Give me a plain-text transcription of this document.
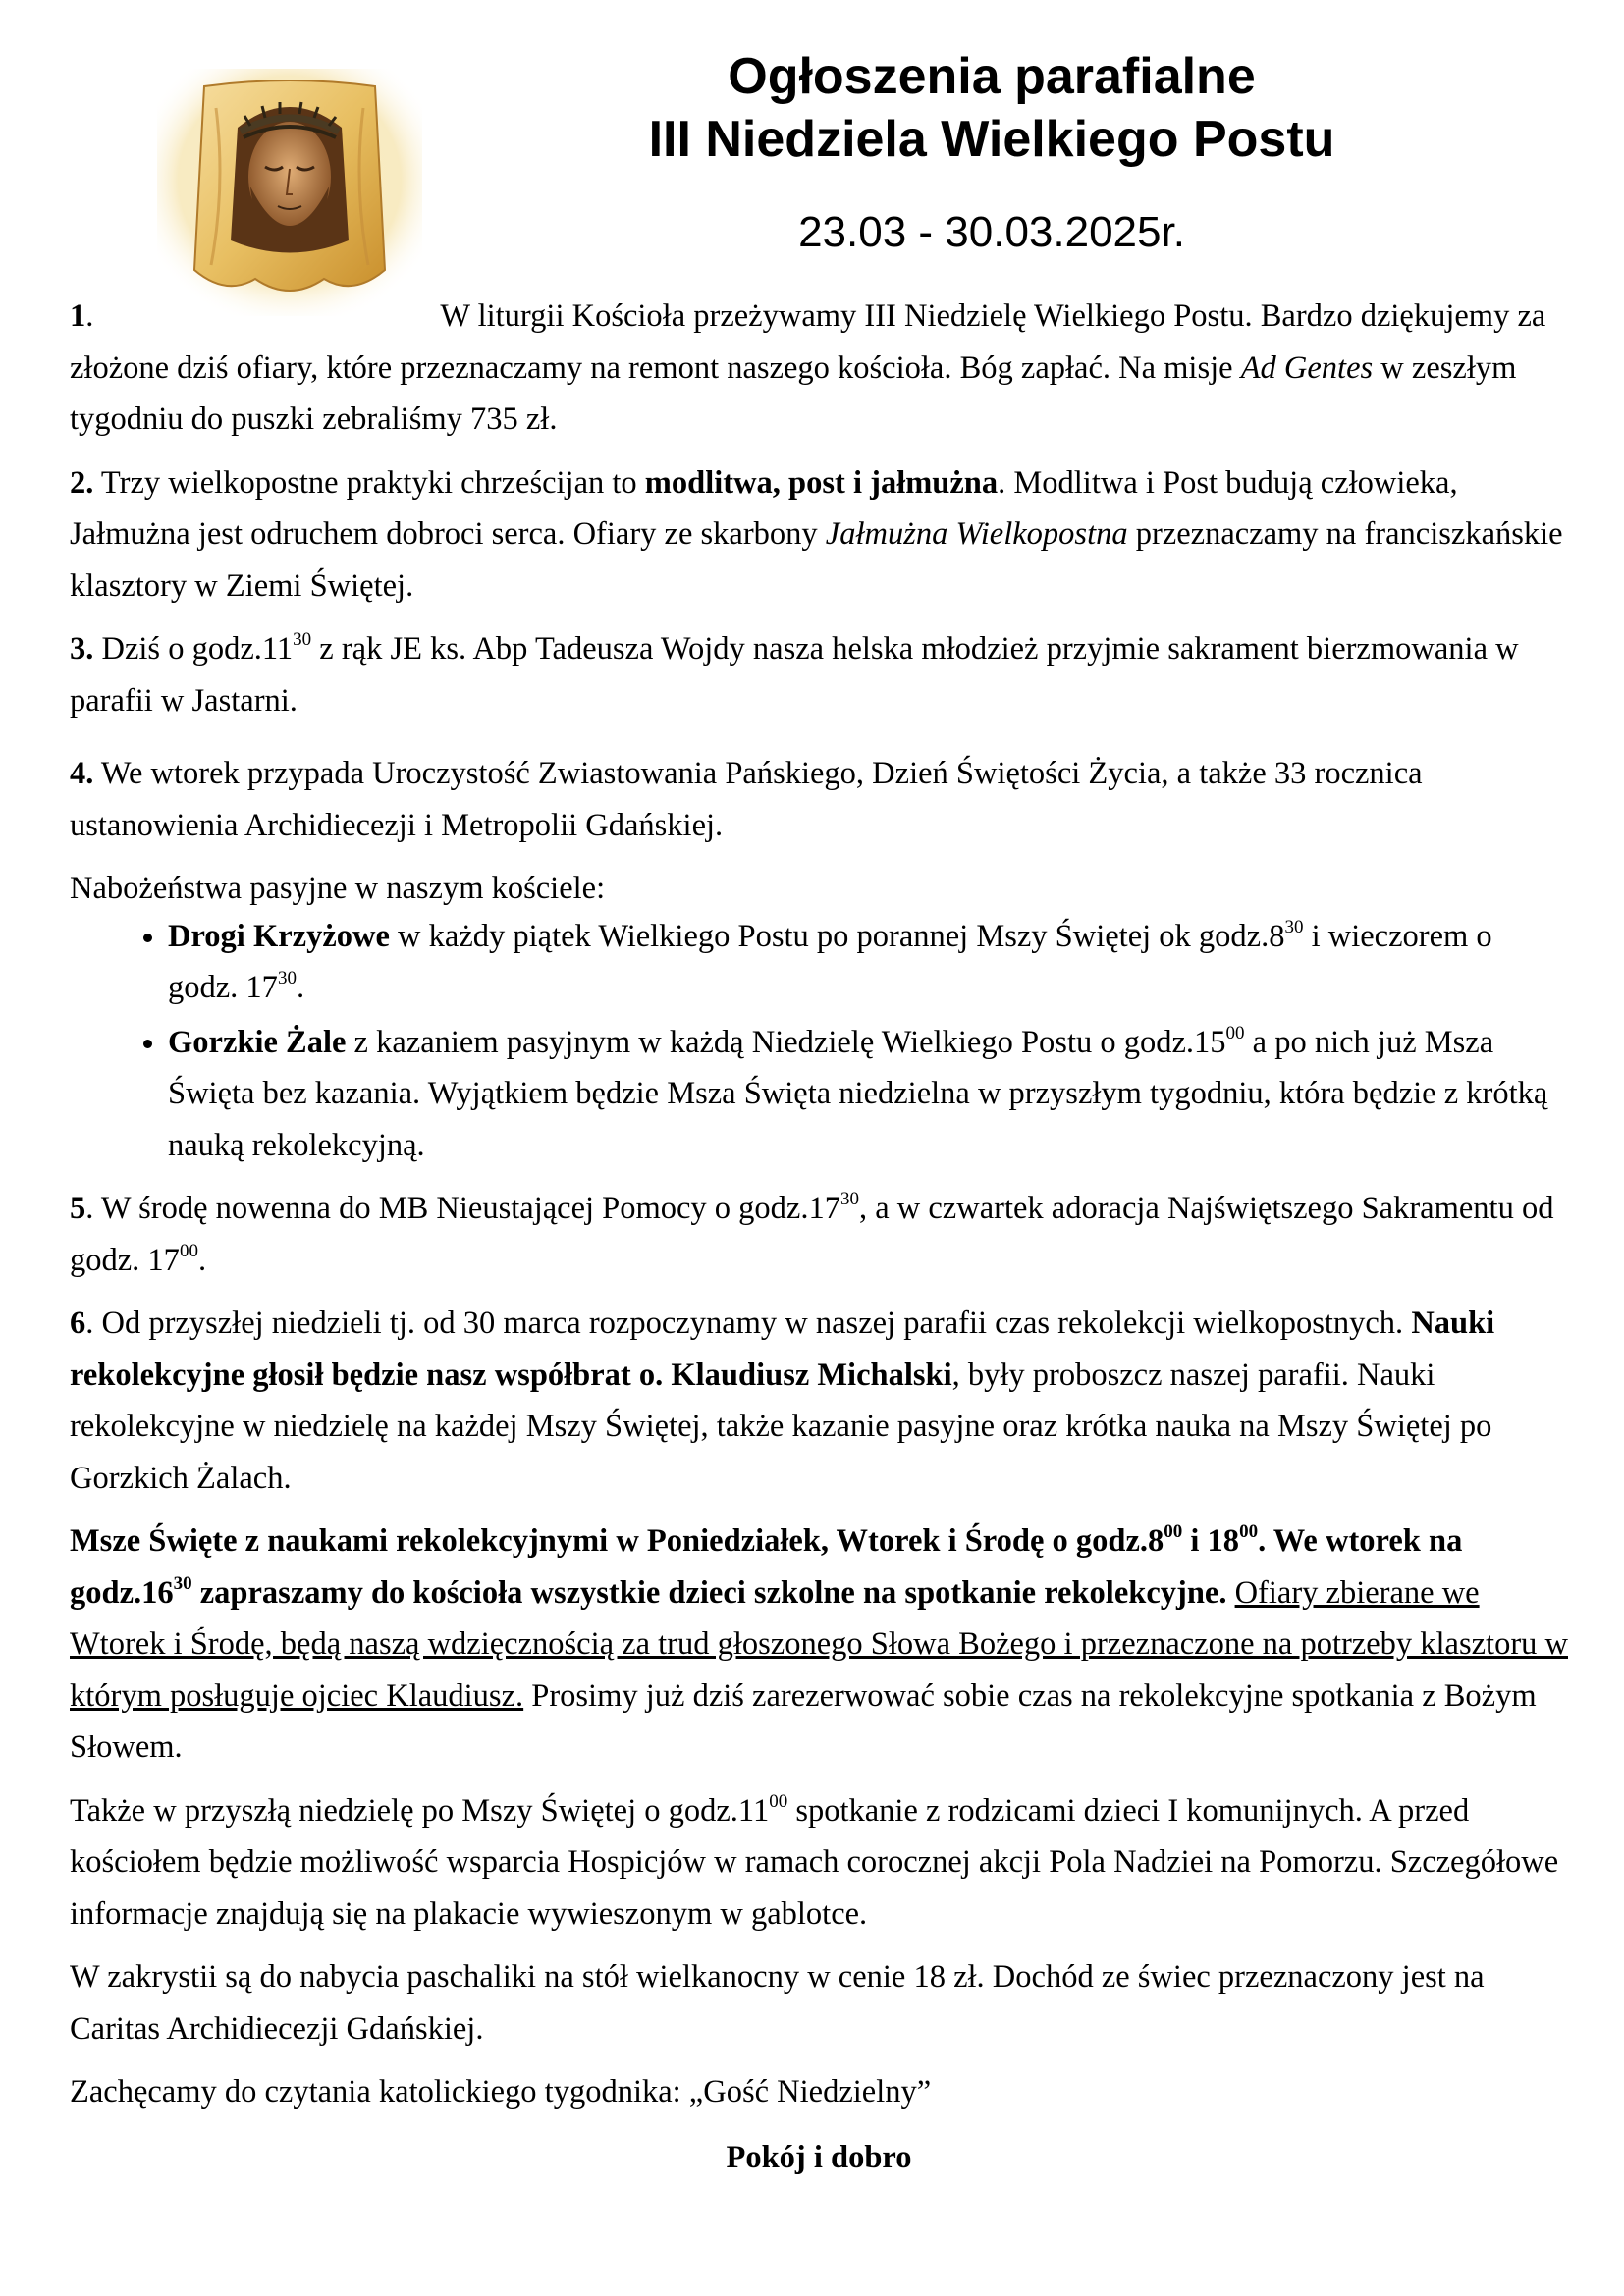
Ogłoszenia parafialne
III Niedziela Wielkiego Postu
23.03 - 30.03.2025r.

1.	W liturgii Kościoła przeżywamy III Niedzielę Wielkiego Postu. Bardzo dziękujemy za złożone dziś ofiary, które przeznaczamy na remont naszego kościoła. Bóg zapłać. Na misje Ad Gentes w zeszłym tygodniu do puszki zebraliśmy 735 zł.

2. Trzy wielkopostne praktyki chrześcijan to modlitwa, post i jałmużna. Modlitwa i Post budują człowieka, Jałmużna jest odruchem dobroci serca. Ofiary ze skarbony Jałmużna Wielkopostna przeznaczamy na franciszkańskie klasztory w Ziemi Świętej.

3. Dziś o $godz.11^{30}$ z rąk JE ks. Abp Tadeusza Wojdy nasza helska młodzież przyjmie sakrament bierzmowania w parafii w Jastarni.

4. We wtorek przypada Uroczystość Zwiastowania Pańskiego, Dzień Świętości Życia, a także 33 rocznica ustanowienia Archidiecezji i Metropolii Gdańskiej.

Nabożeństwa pasyjne w naszym kościele:

• Drogi Krzyżowe w każdy piątek Wielkiego Postu po porannej Mszy Świętej ok $godz.8^{30}$ i wieczorem o godz. $17^{30}$.
• Gorzkie Żale z kazaniem pasyjnym w każdą Niedzielę Wielkiego Postu o $godz.15^{00}$ a po nich już Msza Święta bez kazania. Wyjątkiem będzie Msza Święta niedzielna w przyszłym tygodniu, która będzie z krótką nauką rekolekcyjną.

5. W środę nowenna do MB Nieustającej Pomocy o $godz.17^{30}$, a w czwartek adoracja Najświętszego Sakramentu od godz. $17^{00}$.

6. Od przyszłej niedzieli tj. od 30 marca rozpoczynamy w naszej parafii czas rekolekcji wielkopostnych. Nauki rekolekcyjne głosił będzie nasz współbrat o. Klaudiusz Michalski, były proboszcz naszej parafii. Nauki rekolekcyjne w niedzielę na każdej Mszy Świętej, także kazanie pasyjne oraz krótka nauka na Mszy Świętej po Gorzkich Żalach.

Msze Święte z naukami rekolekcyjnymi w Poniedziałek, Wtorek i Środę o $godz.8^{00}$ i $18^{00}$. We wtorek na $godz.16^{30}$ zapraszamy do kościoła wszystkie dzieci szkolne na spotkanie rekolekcyjne. Ofiary zbierane we Wtorek i Środę, będą naszą wdzięcznością za trud głoszonego Słowa Bożego i przeznaczone na potrzeby klasztoru w którym posługuje ojciec Klaudiusz. Prosimy już dziś zarezerwować sobie czas na rekolekcyjne spotkania z Bożym Słowem.

Także w przyszłą niedzielę po Mszy Świętej o $godz.11^{00}$ spotkanie z rodzicami dzieci I komunijnych. A przed kościołem będzie możliwość wsparcia Hospicjów w ramach corocznej akcji Pola Nadziei na Pomorzu. Szczegółowe informacje znajdują się na plakacie wywieszonym w gablotce.

W zakrystii są do nabycia paschaliki na stół wielkanocny w cenie 18 zł. Dochód ze świec przeznaczony jest na Caritas Archidiecezji Gdańskiej.

Zachęcamy do czytania katolickiego tygodnika: „Gość Niedzielny”

Pokój i dobro
